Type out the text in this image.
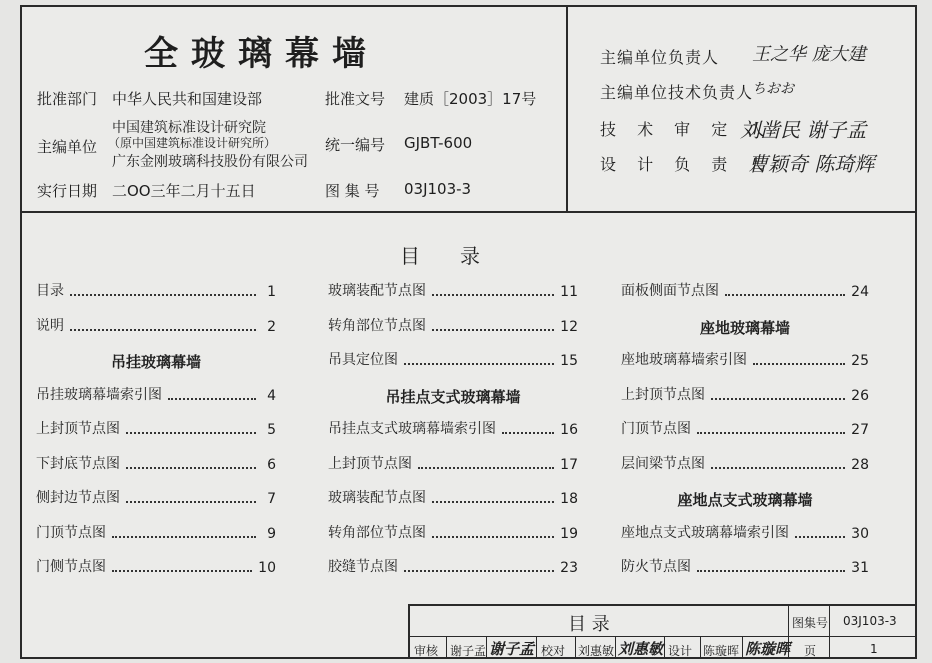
全玻璃幕墙
批准部门 中华人民共和国建设部	批准文号 建质［2003］17号
主编单位
中国建筑标准设计研究院
（原中国建筑标准设计研究所）
广东金刚玻璃科技股份有限公司
统一编号 GJBT-600
实行日期 二OO三年二月十五日	图 集 号 03J103-3
主编单位负责人 王之华 庞大建
主编单位技术负责人
ちおお
技 术 审 定 人
刘凿民 谢子孟
设 计 负 责 人
曹颖奇 陈琦辉
目录
目录	1
说明	2
吊挂玻璃幕墙
吊挂玻璃幕墙索引图	4
上封顶节点图	5
下封底节点图	6
侧封边节点图	7
门顶节点图	9
门侧节点图	10
玻璃装配节点图	11
转角部位节点图	12
吊具定位图	15
吊挂点支式玻璃幕墙
吊挂点支式玻璃幕墙索引图	16
上封顶节点图	17
玻璃装配节点图	18
转角部位节点图	19
胶缝节点图	23
面板侧面节点图	24
座地玻璃幕墙
座地玻璃幕墙索引图	25
上封顶节点图	26
门顶节点图	27
层间梁节点图	28
座地点支式玻璃幕墙
座地点支式玻璃幕墙索引图	30
防火节点图	31
目 录	图集号 03J103-3
审核 谢子孟 谢子孟 校对 刘惠敏 刘惠敏 设计 陈璇晖 陈璇晖 页	1
